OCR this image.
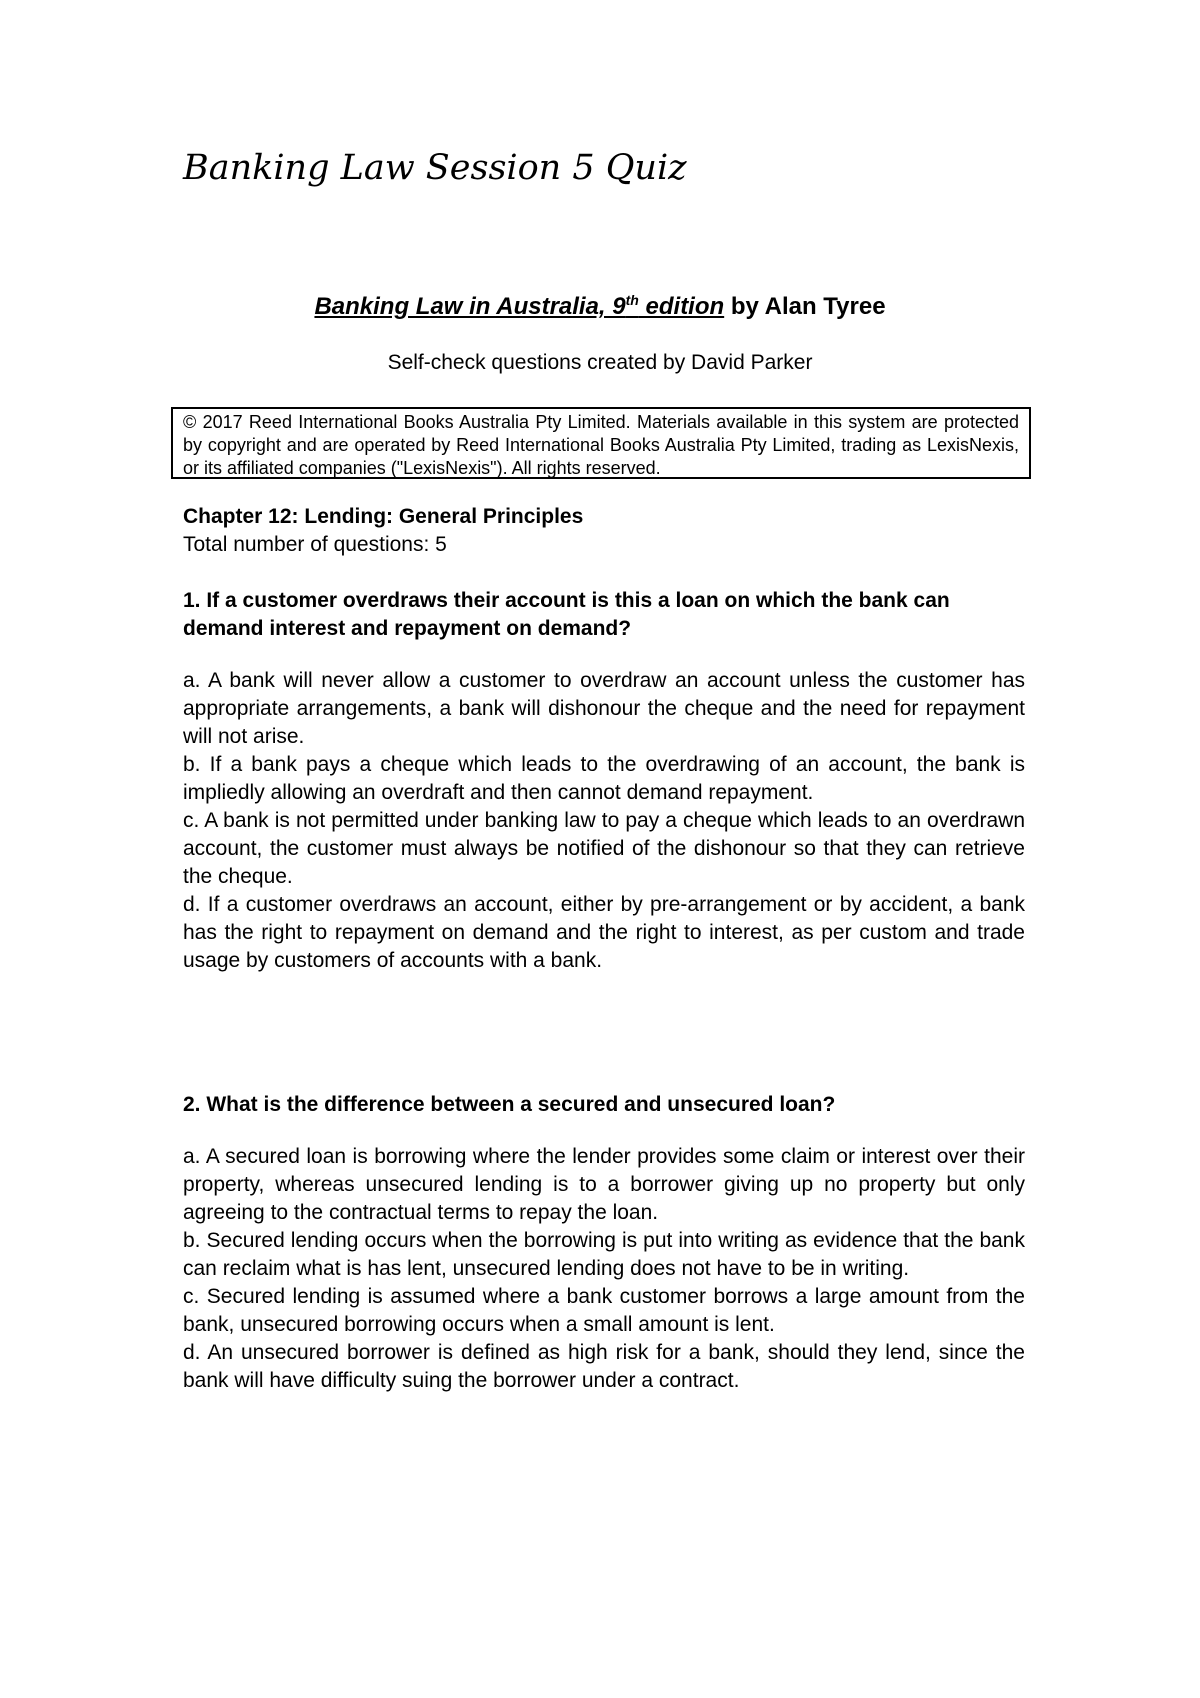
Banking Law Session 5 Quiz

Banking Law in Australia, 9th edition by Alan Tyree

Self-check questions created by David Parker

© 2017 Reed International Books Australia Pty Limited. Materials available in this system are protected by copyright and are operated by Reed International Books Australia Pty Limited, trading as LexisNexis, or its affiliated companies ("LexisNexis"). All rights reserved.

Chapter 12: Lending: General Principles

Total number of questions: 5

1. If a customer overdraws their account is this a loan on which the bank can demand interest and repayment on demand?

a. A bank will never allow a customer to overdraw an account unless the customer has appropriate arrangements, a bank will dishonour the cheque and the need for repayment will not arise.

b. If a bank pays a cheque which leads to the overdrawing of an account, the bank is impliedly allowing an overdraft and then cannot demand repayment.

c. A bank is not permitted under banking law to pay a cheque which leads to an overdrawn account, the customer must always be notified of the dishonour so that they can retrieve the cheque.

d. If a customer overdraws an account, either by pre-arrangement or by accident, a bank has the right to repayment on demand and the right to interest, as per custom and trade usage by customers of accounts with a bank.

2. What is the difference between a secured and unsecured loan?

a. A secured loan is borrowing where the lender provides some claim or interest over their property, whereas unsecured lending is to a borrower giving up no property but only agreeing to the contractual terms to repay the loan.

b. Secured lending occurs when the borrowing is put into writing as evidence that the bank can reclaim what is has lent, unsecured lending does not have to be in writing.

c. Secured lending is assumed where a bank customer borrows a large amount from the bank, unsecured borrowing occurs when a small amount is lent.

d. An unsecured borrower is defined as high risk for a bank, should they lend, since the bank will have difficulty suing the borrower under a contract.
